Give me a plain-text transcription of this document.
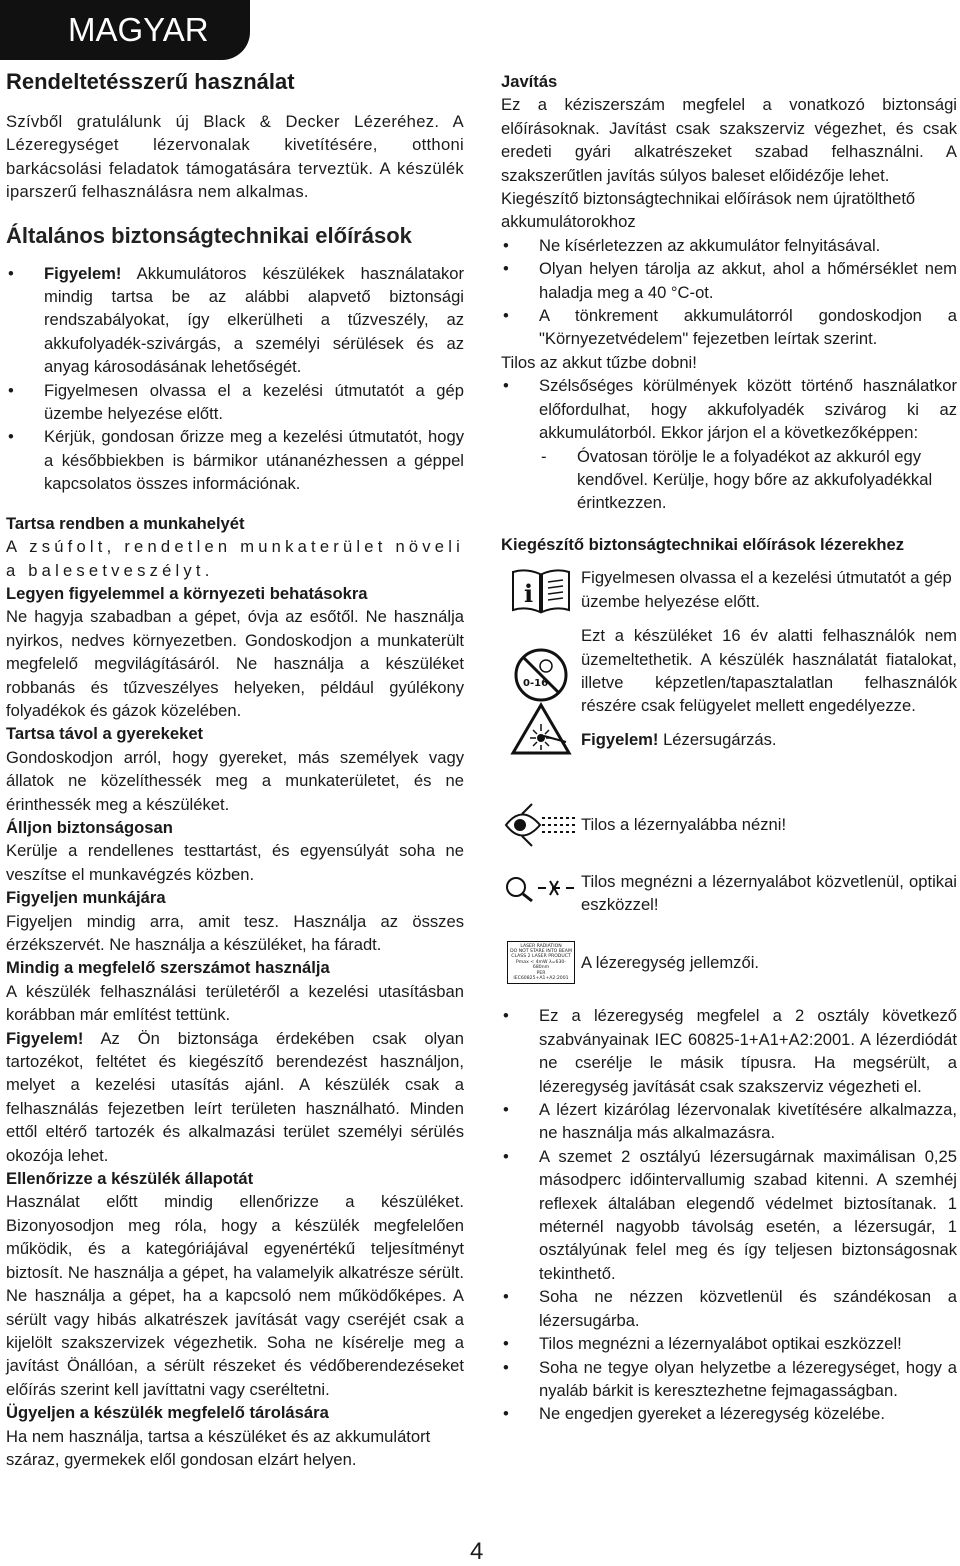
MAGYAR
Rendeltetésszerű használat

Szívből gratulálunk új Black & Decker Lézeréhez. A Lézeregységet lézervonalak kivetítésére, otthoni barkácsolási feladatok támogatására terveztük. A készülék iparszerű felhasználásra nem alkalmas.

Általános biztonságtechnikai előírások
• Figyelem! Akkumulátoros készülékek használatakor mindig tartsa be az alábbi alapvető biztonsági rendszabályokat, így elkerülheti a tűzveszély, az akkufolyadék-szivárgás, a személyi sérülések és az anyag károsodásának lehetőségét.
• Figyelmesen olvassa el a kezelési útmutatót a gép üzembe helyezése előtt.
• Kérjük, gondosan őrizze meg a kezelési útmutatót, hogy a későbbiekben is bármikor utánanézhessen a géppel kapcsolatos összes információnak.
Tartsa rendben a munkahelyét

A zsúfolt, rendetlen munkaterület növeli a balesetveszélyt.

Legyen figyelemmel a környezeti behatásokra

Ne hagyja szabadban a gépet, óvja az esőtől. Ne használja nyirkos, nedves környezetben. Gondoskodjon a munkaterült megfelelő megvilágításáról. Ne használja a készüléket robbanás és tűzveszélyes helyeken, például gyúlékony folyadékok és gázok közelében.

Tartsa távol a gyerekeket

Gondoskodjon arról, hogy gyereket, más személyek vagy állatok ne közelíthessék meg a munkaterületet, és ne érinthessék meg a készüléket.

Álljon biztonságosan

Kerülje a rendellenes testtartást, és egyensúlyát soha ne veszítse el munkavégzés közben.

Figyeljen munkájára

Figyeljen mindig arra, amit tesz. Használja az összes érzékszervét. Ne használja a készüléket, ha fáradt.

Mindig a megfelelő szerszámot használja

A készülék felhasználási területéről a kezelési utasításban korábban már említést tettünk.

Figyelem! Az Ön biztonsága érdekében csak olyan tartozékot, feltétet és kiegészítő berendezést használjon, melyet a kezelési utasítás ajánl. A készülék csak a felhasználás fejezetben leírt területen használható. Minden ettől eltérő tartozék és alkalmazási terület személyi sérülés okozója lehet.

Ellenőrizze a készülék állapotát

Használat előtt mindig ellenőrizze a készüléket. Bizonyosodjon meg róla, hogy a készülék megfelelően működik, és a kategóriájával egyenértékű teljesítményt biztosít. Ne használja a gépet, ha valamelyik alkatrésze sérült. Ne használja a gépet, ha a kapcsoló nem működőképes. A sérült vagy hibás alkatrészek javítását vagy cseréjét csak a kijelölt szakszervizek végezhetik. Soha ne kísérelje meg a javítást Önállóan, a sérült részeket és védőberendezéseket előírás szerint kell javíttatni vagy cseréltetni.

Ügyeljen a készülék megfelelő tárolására

Ha nem használja, tartsa a készüléket és az akkumulátort száraz, gyermekek elől gondosan elzárt helyen.

Javítás

Ez a kéziszerszám megfelel a vonatkozó biztonsági előírásoknak. Javítást csak szakszerviz végezhet, és csak eredeti gyári alkatrészeket szabad felhasználni. A szakszerűtlen javítás súlyos baleset előidézője lehet.

Kiegészítő biztonságtechnikai előírások nem újratölthető akkumulátorokhoz

• Ne kísérletezzen az akkumulátor felnyitásával.
• Olyan helyen tárolja az akkut, ahol a hőmérséklet nem haladja meg a 40 °C-ot.
• A tönkrement akkumulátorról gondoskodjon a "Környezetvédelem" fejezetben leírtak szerint.

Tilos az akkut tűzbe dobni!

• Szélsőséges körülmények között történő használatkor előfordulhat, hogy akkufolyadék szivárog ki az akkumulátorból. Ekkor járjon el a következőképpen:
- Óvatosan törölje le a folyadékot az akkuról egy kendővel. Kerülje, hogy bőre az akkufolyadékkal érintkezzen.
Kiegészítő biztonságtechnikai előírások lézerekhez
i

Figyelmesen olvassa el a kezelési útmutatót a gép üzembe helyezése előtt.

0-16

Ezt a készüléket 16 év alatti felhasználók nem üzemeltethetik. A készülék használatát fiatalokat, illetve képzetlen/tapasztalatlan felhasználók részére csak felügyelet mellett engedélyezze.

Figyelem! Lézersugárzás.

Tilos a lézernyalábba nézni!

Tilos megnézni a lézernyalábot közvetlenül, optikai eszközzel!

LASER RADIATION
DO NOT STARE INTO BEAM
CLASS 2 LASER PRODUCT
Pmax < 4mW λ=630-680nm
PER IEC60825+A1+A2:2001

A lézeregység jellemzői.

• Ez a lézeregység megfelel a 2 osztály következő szabványainak IEC 60825-1+A1+A2:2001. A lézerdiódát ne cserélje le másik típusra. Ha megsérült, a lézeregység javítását csak szakszerviz végezheti el.
• A lézert kizárólag lézervonalak kivetítésére alkalmazza, ne használja más alkalmazásra.
• A szemet 2 osztályú lézersugárnak maximálisan 0,25 másodperc időintervallumig szabad kitenni. A szemhéj reflexek általában elegendő védelmet biztosítanak. 1 méternél nagyobb távolság esetén, a lézersugár, 1 osztályúnak felel meg és így teljesen biztonságosnak tekinthető.
• Soha ne nézzen közvetlenül és szándékosan a lézersugárba.
• Tilos megnézni a lézernyalábot optikai eszközzel!
• Soha ne tegye olyan helyzetbe a lézeregységet, hogy a nyaláb bárkit is keresztezhetne fejmagasságban.
• Ne engedjen gyereket a lézeregység közelébe.
4
